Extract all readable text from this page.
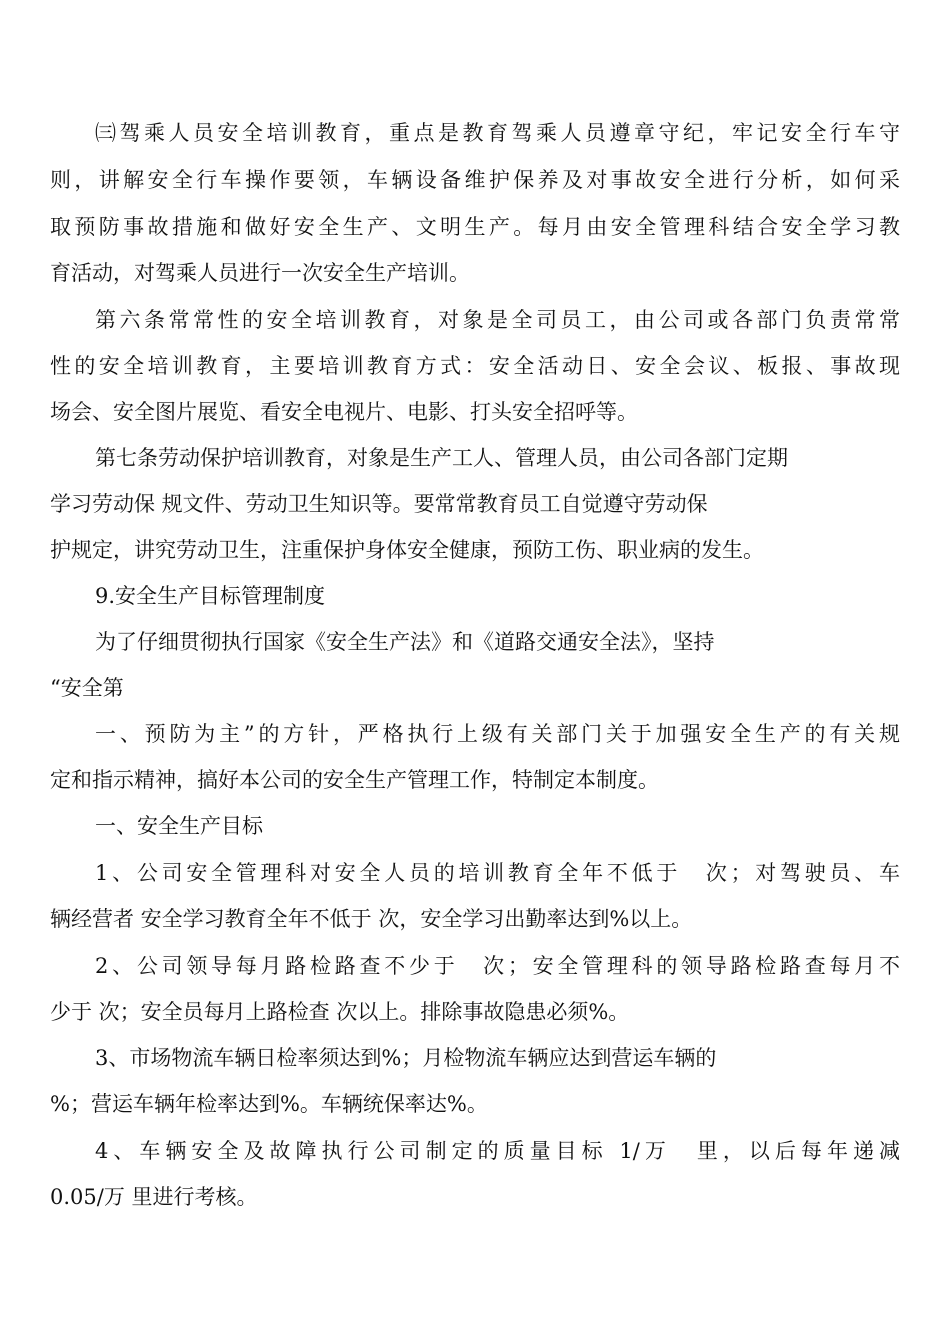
㈢驾乘人员安全培训教育，重点是教育驾乘人员遵章守纪，牢记安全行车守
则，讲解安全行车操作要领，车辆设备维护保养及对事故安全进行分析，如何采
取预防事故措施和做好安全生产、文明生产。每月由安全管理科结合安全学习教
育活动，对驾乘人员进行一次安全生产培训。
第六条常常性的安全培训教育，对象是全司员工，由公司或各部门负责常常
性的安全培训教育，主要培训教育方式：安全活动日、安全会议、板报、事故现
场会、安全图片展览、看安全电视片、电影、打头安全招呼等。
第七条劳动保护培训教育，对象是生产工人、管理人员，由公司各部门定期
学习劳动保 规文件、劳动卫生知识等。要常常教育员工自觉遵守劳动保
护规定，讲究劳动卫生，注重保护身体安全健康，预防工伤、职业病的发生。
9.安全生产目标管理制度
为了仔细贯彻执行国家《安全生产法》和《道路交通安全法》，坚持
“安全第
一、预防为主”的方针，严格执行上级有关部门关于加强安全生产的有关规
定和指示精神，搞好本公司的安全生产管理工作，特制定本制度。
一、安全生产目标
1、公司安全管理科对安全人员的培训教育全年不低于　次；对驾驶员、车
辆经营者 安全学习教育全年不低于 次，安全学习出勤率达到%以上。
2、公司领导每月路检路查不少于　次；安全管理科的领导路检路查每月不
少于 次；安全员每月上路检查 次以上。排除事故隐患必须%。
3、市场物流车辆日检率须达到%；月检物流车辆应达到营运车辆的
%；营运车辆年检率达到%。车辆统保率达%。
4、车辆安全及故障执行公司制定的质量目标 1/万　里，以后每年递减
0.05/万 里进行考核。
